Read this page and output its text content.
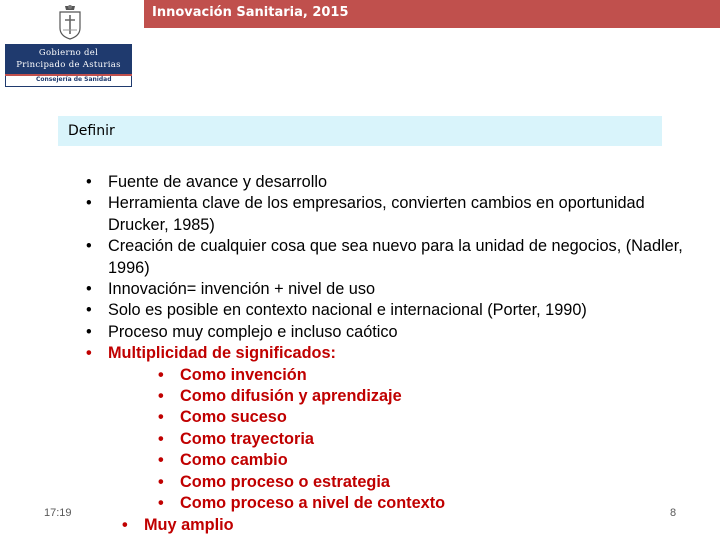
Innovación Sanitaria, 2015
Gobierno del
Principado de Asturias
Consejería de Sanidad
Definir
• Fuente de avance y desarrollo
• Herramienta clave de los empresarios, convierten cambios en oportunidad Drucker, 1985)
• Creación de cualquier cosa que sea nuevo para la unidad de negocios, (Nadler, 1996)
• Innovación= invención + nivel de uso
• Solo es posible en contexto nacional e internacional (Porter, 1990)
• Proceso muy complejo e incluso caótico
• Multiplicidad de significados:
• Como invención
• Como difusión y aprendizaje
• Como suceso
• Como trayectoria
• Como cambio
• Como proceso o estrategia
• Como proceso a nivel de contexto
• Muy amplio
17:19	8
